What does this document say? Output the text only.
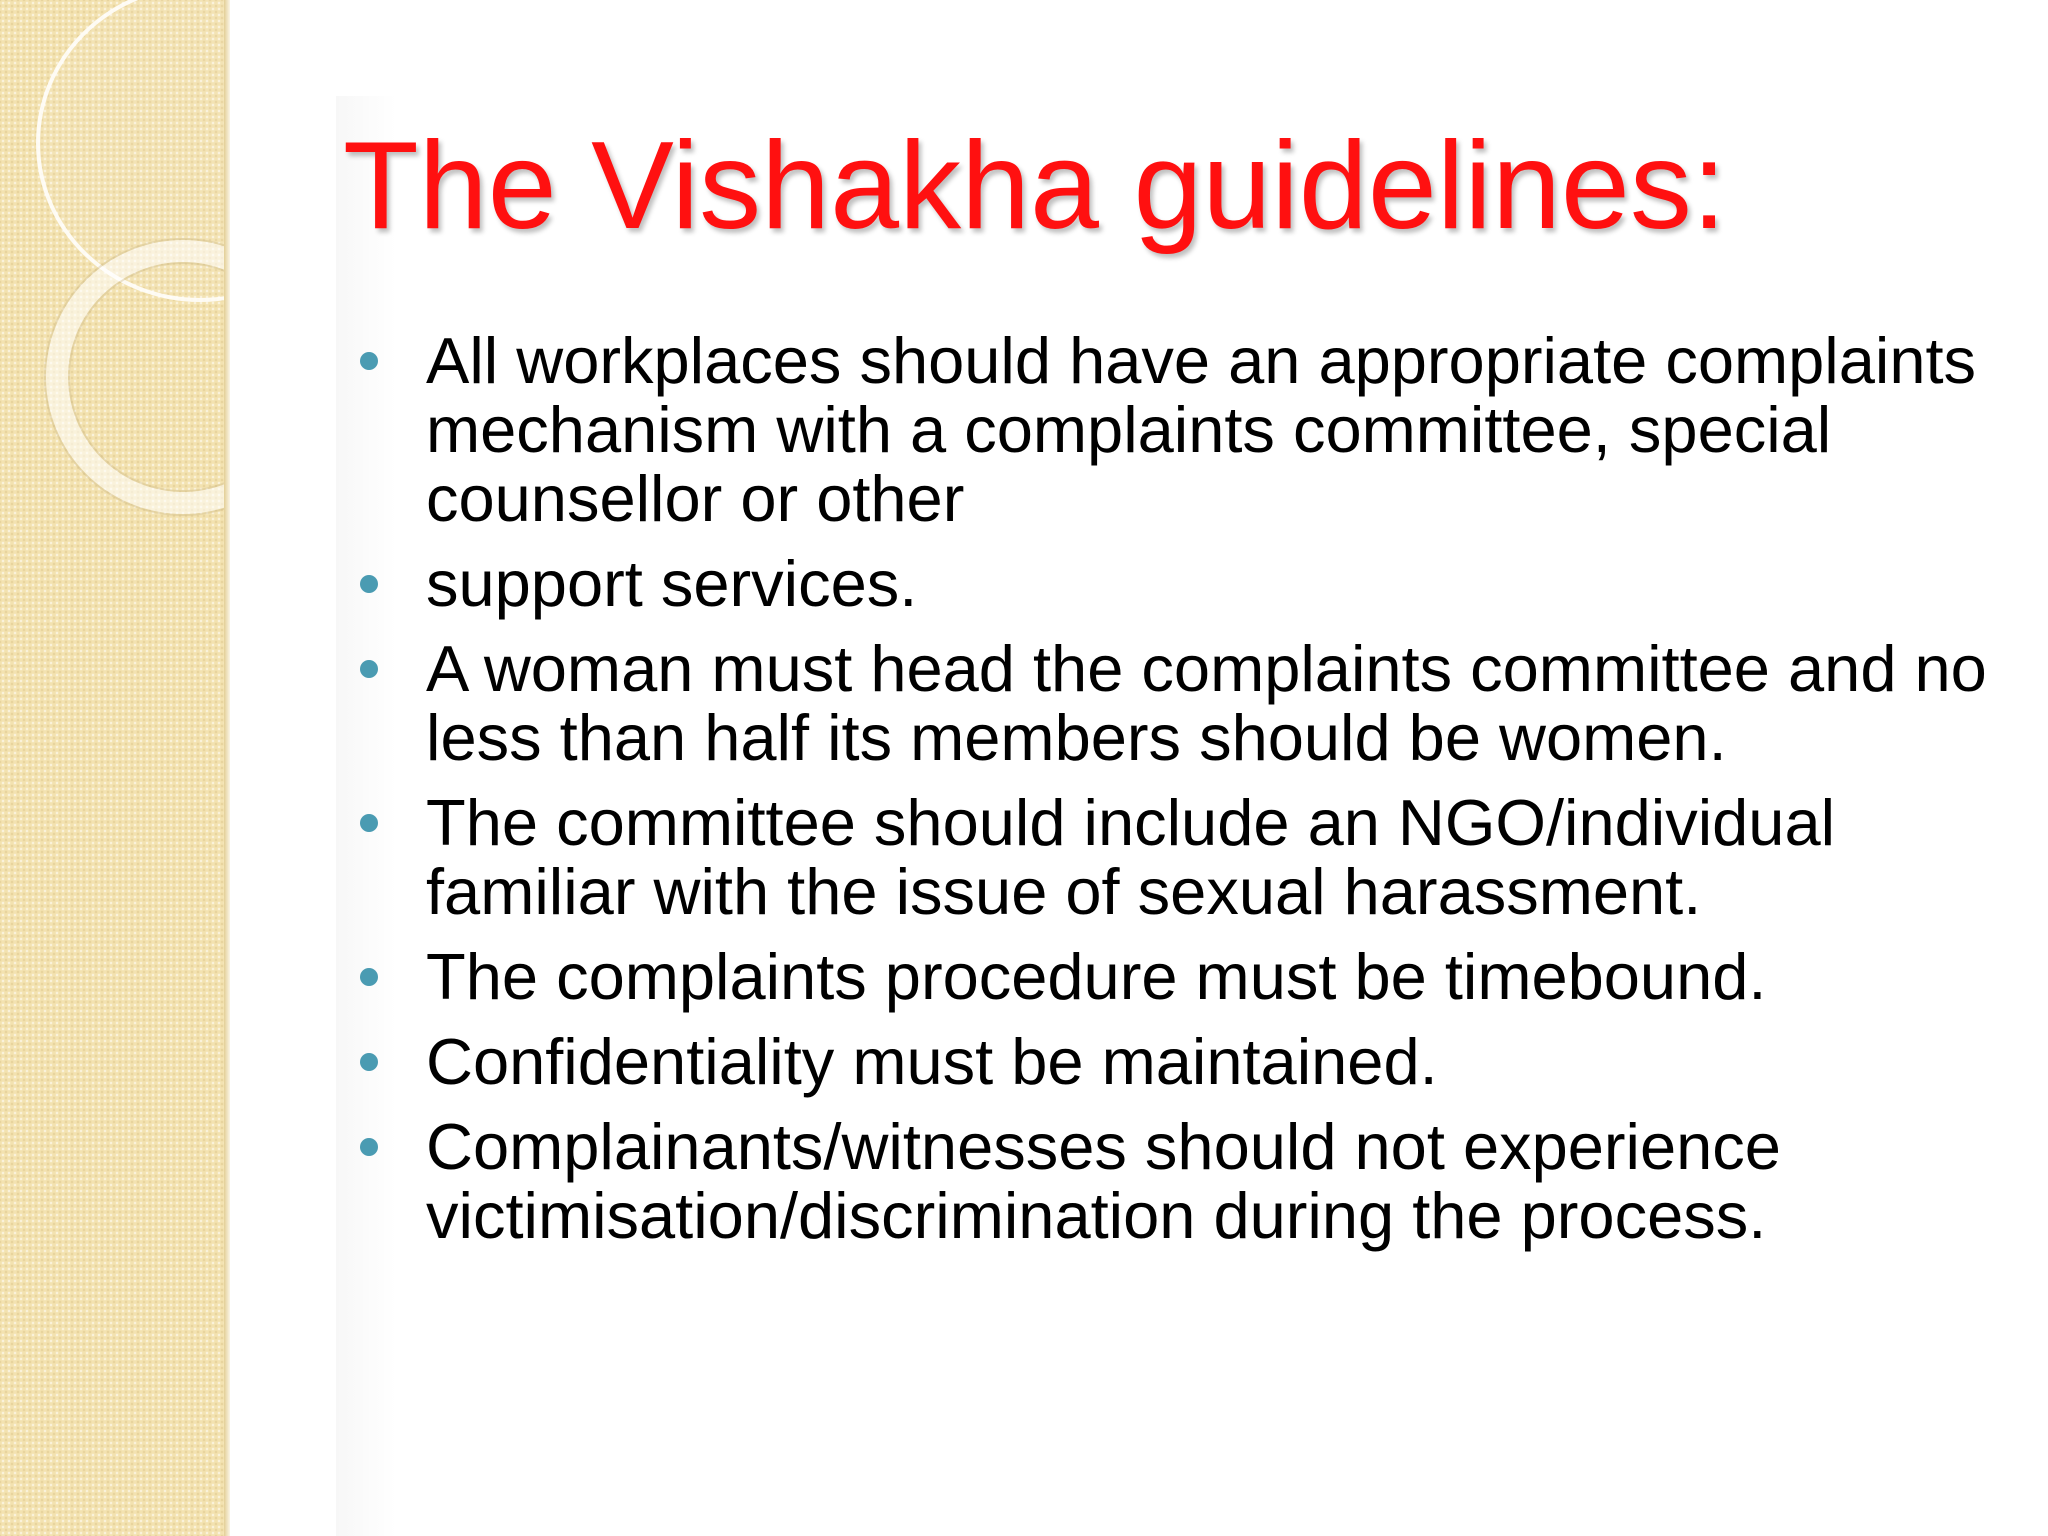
The Vishakha guidelines:
All workplaces should have an appropriate complaints mechanism with a complaints committee, special counsellor or other
support services.
A woman must head the complaints committee and no less than half its members should be women.
The committee should include an NGO/individual familiar with the issue of sexual harassment.
The complaints procedure must be timebound.
Confidentiality must be maintained.
Complainants/witnesses should not experience victimisation/discrimination during the process.
